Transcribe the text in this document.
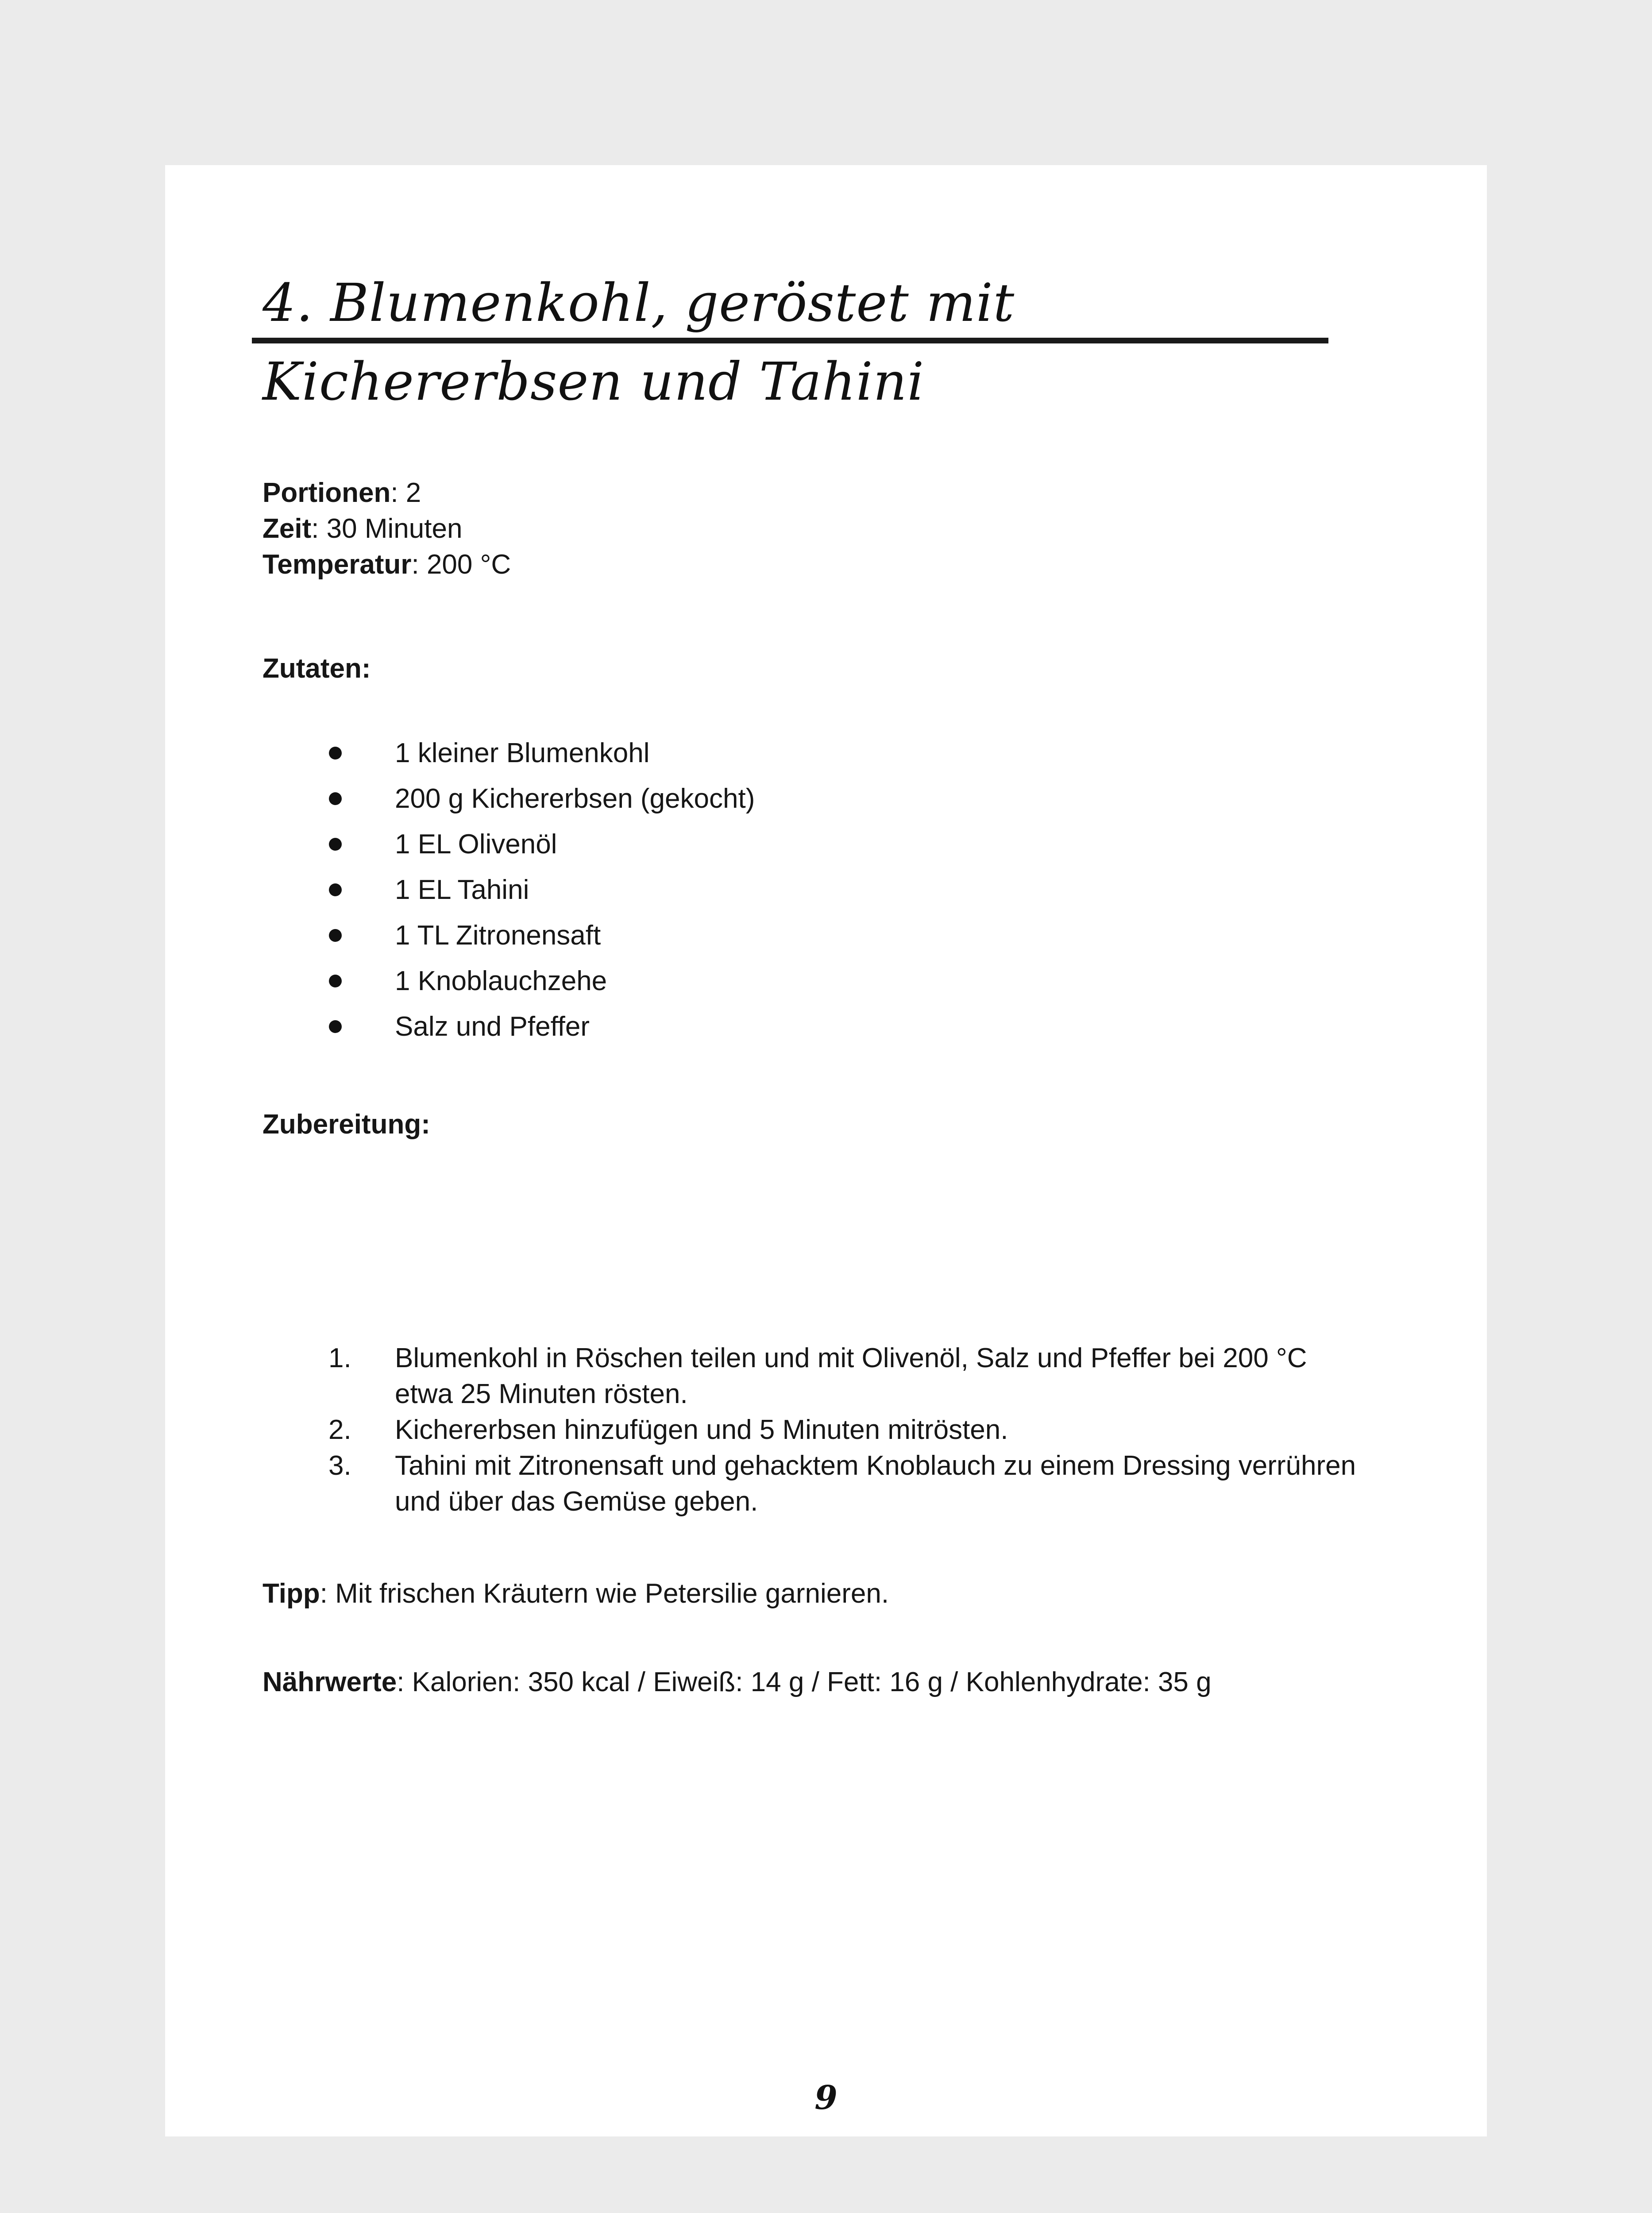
4. Blumenkohl, geröstet mit Kichererbsen und Tahini
Portionen: 2
Zeit: 30 Minuten
Temperatur: 200 °C
Zutaten:
1 kleiner Blumenkohl
200 g Kichererbsen (gekocht)
1 EL Olivenöl
1 EL Tahini
1 TL Zitronensaft
1 Knoblauchzehe
Salz und Pfeffer
Zubereitung:
1. Blumenkohl in Röschen teilen und mit Olivenöl, Salz und Pfeffer bei 200 °C etwa 25 Minuten rösten.
2. Kichererbsen hinzufügen und 5 Minuten mitrösten.
3. Tahini mit Zitronensaft und gehacktem Knoblauch zu einem Dressing verrühren und über das Gemüse geben.
Tipp: Mit frischen Kräutern wie Petersilie garnieren.
Nährwerte: Kalorien: 350 kcal / Eiweiß: 14 g / Fett: 16 g / Kohlenhydrate: 35 g
9
